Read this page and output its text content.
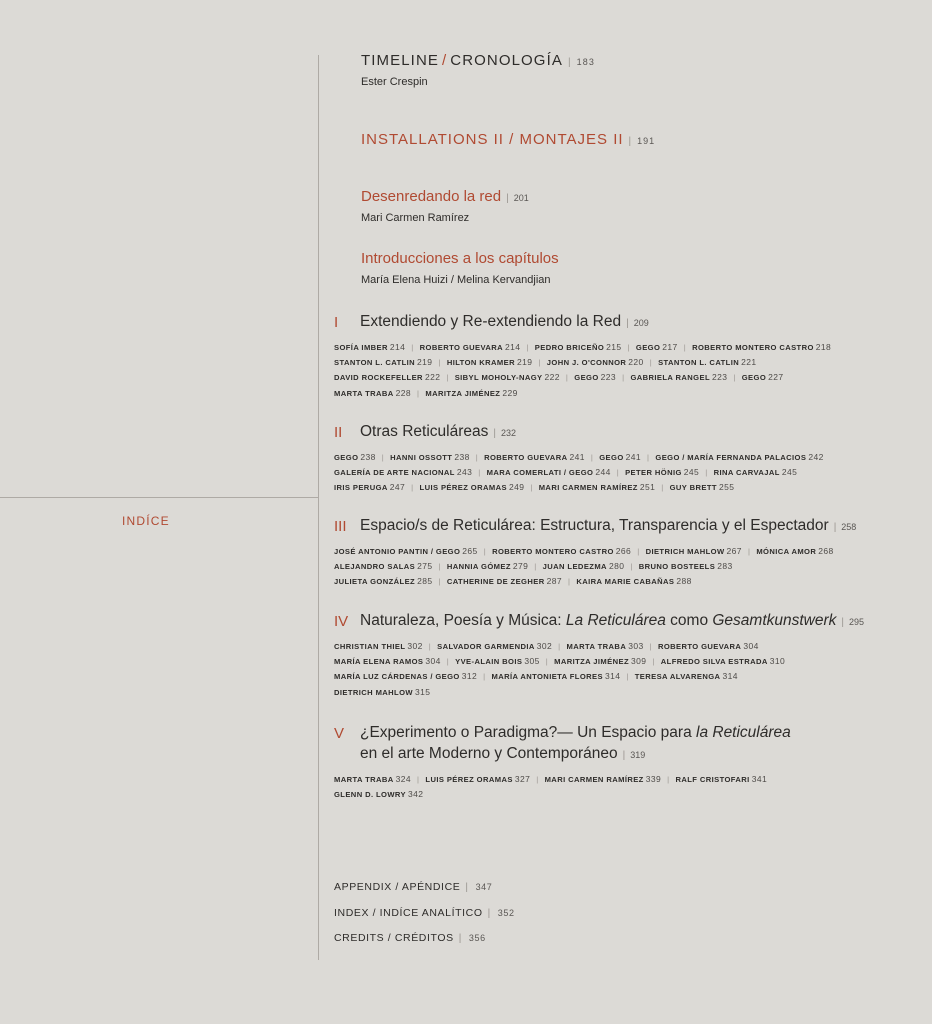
INDÍCE
TIMELINE / CRONOLOGÍA | 183
Ester Crespin
INSTALLATIONS II / MONTAJES II | 191
Desenredando la red | 201
Mari Carmen Ramírez
Introducciones a los capítulos
María Elena Huizi / Melina Kervandjian
I Extendiendo y Re-extendiendo la Red | 209
SOFÍA IMBER 214 | ROBERTO GUEVARA 214 | PEDRO BRICEÑO 215 | GEGO 217 | ROBERTO MONTERO CASTRO 218
STANTON L. CATLIN 219 | HILTON KRAMER 219 | JOHN J. O'CONNOR 220 | STANTON L. CATLIN 221
DAVID ROCKEFELLER 222 | SIBYL MOHOLY-NAGY 222 | GEGO 223 | GABRIELA RANGEL 223 | GEGO 227
MARTA TRABA 228 | MARITZA JIMÉNEZ 229
II Otras Reticuláreas | 232
GEGO 238 | HANNI OSSOTT 238 | ROBERTO GUEVARA 241 | GEGO 241 | GEGO / MARÍA FERNANDA PALACIOS 242
GALERÍA DE ARTE NACIONAL 243 | MARA COMERLATI / GEGO 244 | PETER HÖNIG 245 | RINA CARVAJAL 245
IRIS PERUGA 247 | LUIS PÉREZ ORAMAS 249 | MARI CARMEN RAMÍREZ 251 | GUY BRETT 255
III Espacio/s de Reticulárea: Estructura, Transparencia y el Espectador | 258
JOSÉ ANTONIO PANTIN / GEGO 265 | ROBERTO MONTERO CASTRO 266 | DIETRICH MAHLOW 267 | MÓNICA AMOR 268
ALEJANDRO SALAS 275 | HANNIA GÓMEZ 279 | JUAN LEDEZMA 280 | BRUNO BOSTEELS 283
JULIETA GONZÁLEZ 285 | CATHERINE DE ZEGHER 287 | KAIRA MARIE CABAÑAS 288
IV Naturaleza, Poesía y Música: La Reticulárea como Gesamtkunstwerk | 295
CHRISTIAN THIEL 302 | SALVADOR GARMENDIA 302 | MARTA TRABA 303 | ROBERTO GUEVARA 304
MARÍA ELENA RAMOS 304 | YVE-ALAIN BOIS 305 | MARITZA JIMÉNEZ 309 | ALFREDO SILVA ESTRADA 310
MARÍA LUZ CÁRDENAS / GEGO 312 | MARÍA ANTONIETA FLORES 314 | TERESA ALVARENGA 314
DIETRICH MAHLOW 315
V ¿Experimento o Paradigma?— Un Espacio para la Reticulárea
en el arte Moderno y Contemporáneo | 319
MARTA TRABA 324 | LUIS PÉREZ ORAMAS 327 | MARI CARMEN RAMÍREZ 339 | RALF CRISTOFARI 341
GLENN D. LOWRY 342
APPENDIX / APÉNDICE | 347
INDEX / INDÍCE ANALÍTICO | 352
CREDITS / CRÉDITOS | 356
